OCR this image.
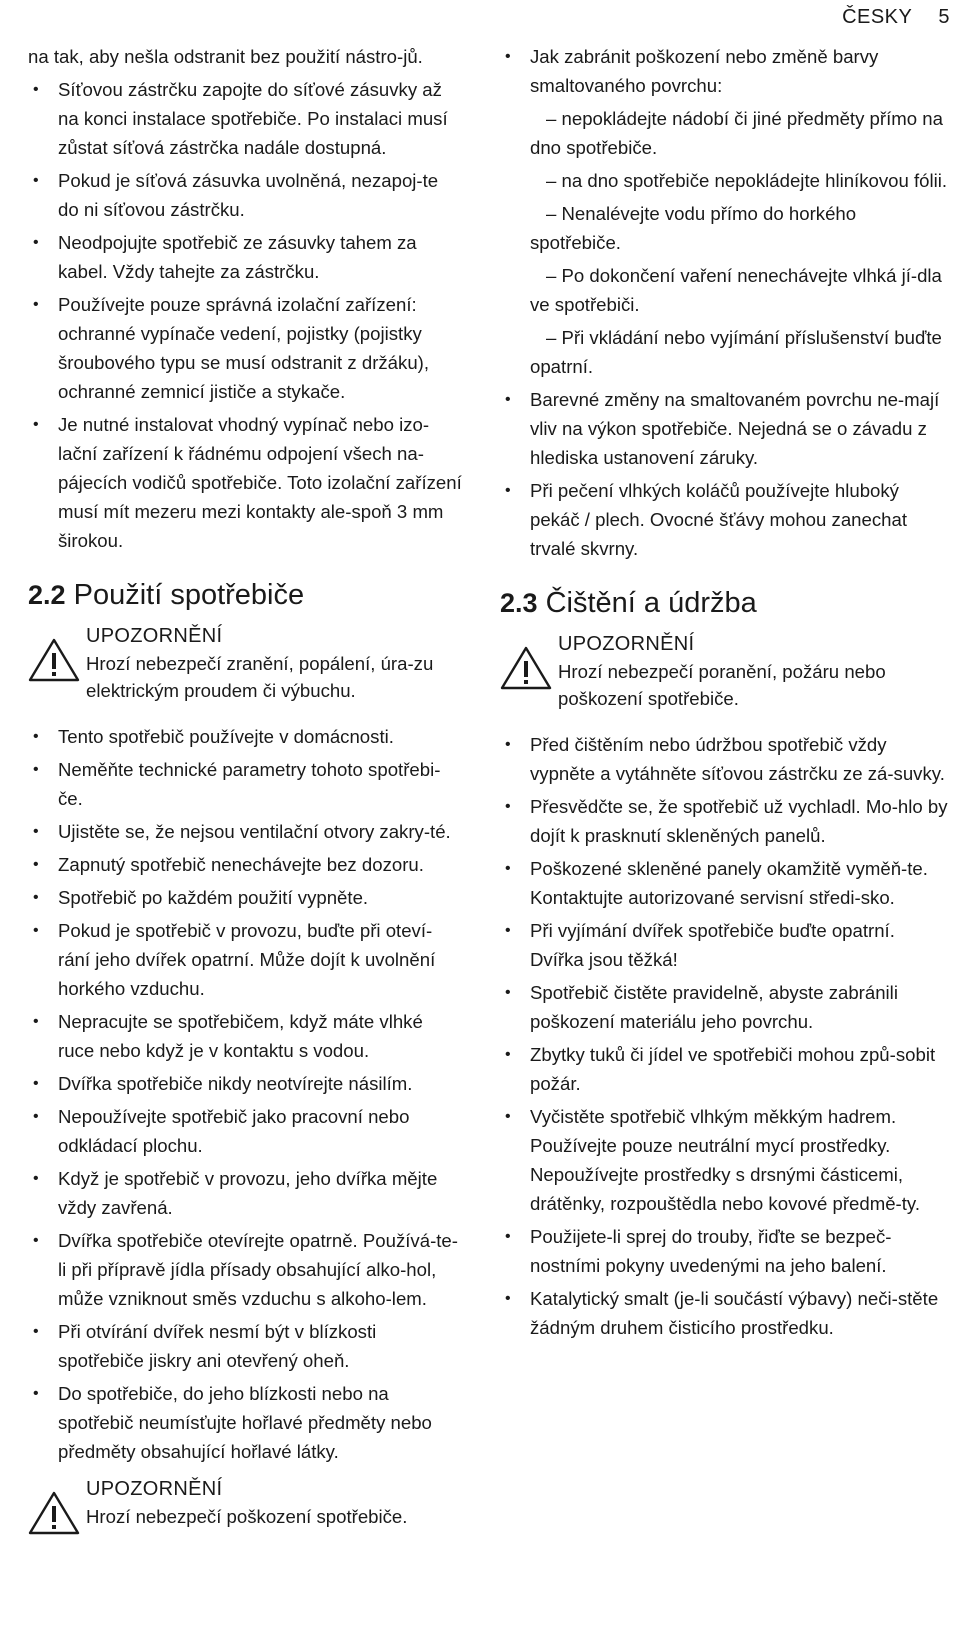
ČESKY 5

na tak, aby nešla odstranit bez použití nástro-jů.

• Síťovou zástrčku zapojte do síťové zásuvky až na konci instalace spotřebiče. Po instalaci musí zůstat síťová zástrčka nadále dostupná.
• Pokud je síťová zásuvka uvolněná, nezapoj-te do ni síťovou zástrčku.
• Neodpojujte spotřebič ze zásuvky tahem za kabel. Vždy tahejte za zástrčku.
• Používejte pouze správná izolační zařízení: ochranné vypínače vedení, pojistky (pojistky šroubového typu se musí odstranit z držáku), ochranné zemnicí jističe a stykače.
• Je nutné instalovat vhodný vypínač nebo izo-lační zařízení k řádnému odpojení všech na-pájecích vodičů spotřebiče. Toto izolační zařízení musí mít mezeru mezi kontakty ale-spoň 3 mm širokou.
2.2 Použití spotřebiče
UPOZORNĚNÍ
Hrozí nebezpečí zranění, popálení, úra-zu elektrickým proudem či výbuchu.
• Tento spotřebič používejte v domácnosti.
• Neměňte technické parametry tohoto spotřebi-če.
• Ujistěte se, že nejsou ventilační otvory zakry-té.
• Zapnutý spotřebič nenechávejte bez dozoru.
• Spotřebič po každém použití vypněte.
• Pokud je spotřebič v provozu, buďte při oteví-rání jeho dvířek opatrní. Může dojít k uvolnění horkého vzduchu.
• Nepracujte se spotřebičem, když máte vlhké ruce nebo když je v kontaktu s vodou.
• Dvířka spotřebiče nikdy neotvírejte násilím.
• Nepoužívejte spotřebič jako pracovní nebo odkládací plochu.
• Když je spotřebič v provozu, jeho dvířka mějte vždy zavřená.
• Dvířka spotřebiče otevírejte opatrně. Používá-te-li při přípravě jídla přísady obsahující alko-hol, může vzniknout směs vzduchu s alkoho-lem.
• Při otvírání dvířek nesmí být v blízkosti spotřebiče jiskry ani otevřený oheň.
• Do spotřebiče, do jeho blízkosti nebo na spotřebič neumísťujte hořlavé předměty nebo předměty obsahující hořlavé látky.
UPOZORNĚNÍ
Hrozí nebezpečí poškození spotřebiče.
• Jak zabránit poškození nebo změně barvy smaltovaného povrchu:
– nepokládejte nádobí či jiné předměty přímo na dno spotřebiče.
– na dno spotřebiče nepokládejte hliníkovou fólii.
– Nenalévejte vodu přímo do horkého spotřebiče.
– Po dokončení vaření nenechávejte vlhká jí-dla ve spotřebiči.
– Při vkládání nebo vyjímání příslušenství buďte opatrní.
• Barevné změny na smaltovaném povrchu ne-mají vliv na výkon spotřebiče. Nejedná se o závadu z hlediska ustanovení záruky.
• Při pečení vlhkých koláčů používejte hluboký pekáč / plech. Ovocné šťávy mohou zanechat trvalé skvrny.
2.3 Čištění a údržba
UPOZORNĚNÍ
Hrozí nebezpečí poranění, požáru nebo poškození spotřebiče.
• Před čištěním nebo údržbou spotřebič vždy vypněte a vytáhněte síťovou zástrčku ze zá-suvky.
• Přesvědčte se, že spotřebič už vychladl. Mo-hlo by dojít k prasknutí skleněných panelů.
• Poškozené skleněné panely okamžitě vyměň-te. Kontaktujte autorizované servisní středi-sko.
• Při vyjímání dvířek spotřebiče buďte opatrní. Dvířka jsou těžká!
• Spotřebič čistěte pravidelně, abyste zabránili poškození materiálu jeho povrchu.
• Zbytky tuků či jídel ve spotřebiči mohou způ-sobit požár.
• Vyčistěte spotřebič vlhkým měkkým hadrem. Používejte pouze neutrální mycí prostředky. Nepoužívejte prostředky s drsnými částicemi, drátěnky, rozpouštědla nebo kovové předmě-ty.
• Použijete-li sprej do trouby, řiďte se bezpeč-nostními pokyny uvedenými na jeho balení.
• Katalytický smalt (je-li součástí výbavy) neči-stěte žádným druhem čisticího prostředku.
